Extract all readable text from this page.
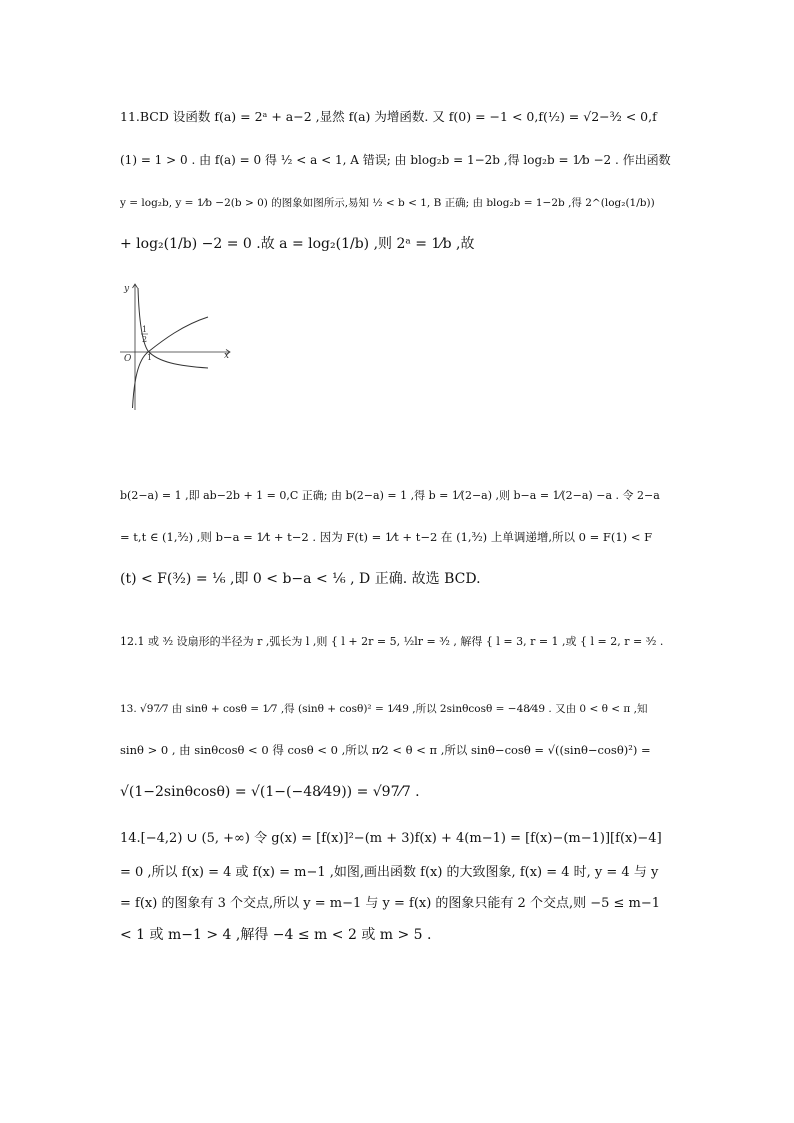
11.BCD 设函数 f(a) = 2ᵃ + a−2 ,显然 f(a) 为增函数. 又 f(0) = −1 < 0,f(½) = √2−³⁄₂ < 0,f
(1) = 1 > 0 . 由 f(a) = 0 得 ½ < a < 1, A 错误; 由 blog₂b = 1−2b ,得 log₂b = 1⁄b −2 . 作出函数
y = log₂b, y = 1⁄b −2(b > 0) 的图象如图所示,易知 ½ < b < 1, B 正确; 由 blog₂b = 1−2b ,得 2^(log₂(1/b))
+ log₂(1/b) −2 = 0 .故 a = log₂(1/b) ,则 2ᵃ = 1⁄b ,故
y
x
O
1
2
1
b(2−a) = 1 ,即 ab−2b + 1 = 0,C 正确; 由 b(2−a) = 1 ,得 b = 1⁄(2−a) ,则 b−a = 1⁄(2−a) −a . 令 2−a
= t,t ∈ (1,³⁄₂) ,则 b−a = 1⁄t + t−2 . 因为 F(t) = 1⁄t + t−2 在 (1,³⁄₂) 上单调递增,所以 0 = F(1) < F
(t) < F(³⁄₂) = ⅙ ,即 0 < b−a < ⅙ , D 正确. 故选 BCD.
12.1 或 ³⁄₂ 设扇形的半径为 r ,弧长为 l ,则 { l + 2r = 5, ½lr = ³⁄₂ , 解得 { l = 3, r = 1 ,或 { l = 2, r = ³⁄₂ .
13. √97⁄7 由 sinθ + cosθ = 1⁄7 ,得 (sinθ + cosθ)² = 1⁄49 ,所以 2sinθcosθ = −48⁄49 . 又由 0 < θ < π ,知
sinθ > 0 , 由 sinθcosθ < 0 得 cosθ < 0 ,所以 π⁄2 < θ < π ,所以 sinθ−cosθ = √((sinθ−cosθ)²) =
√(1−2sinθcosθ) = √(1−(−48⁄49)) = √97⁄7 .
14.[−4,2) ∪ (5, +∞) 令 g(x) = [f(x)]²−(m + 3)f(x) + 4(m−1) = [f(x)−(m−1)][f(x)−4]
= 0 ,所以 f(x) = 4 或 f(x) = m−1 ,如图,画出函数 f(x) 的大致图象, f(x) = 4 时, y = 4 与 y
= f(x) 的图象有 3 个交点,所以 y = m−1 与 y = f(x) 的图象只能有 2 个交点,则 −5 ≤ m−1
< 1 或 m−1 > 4 ,解得 −4 ≤ m < 2 或 m > 5 .
